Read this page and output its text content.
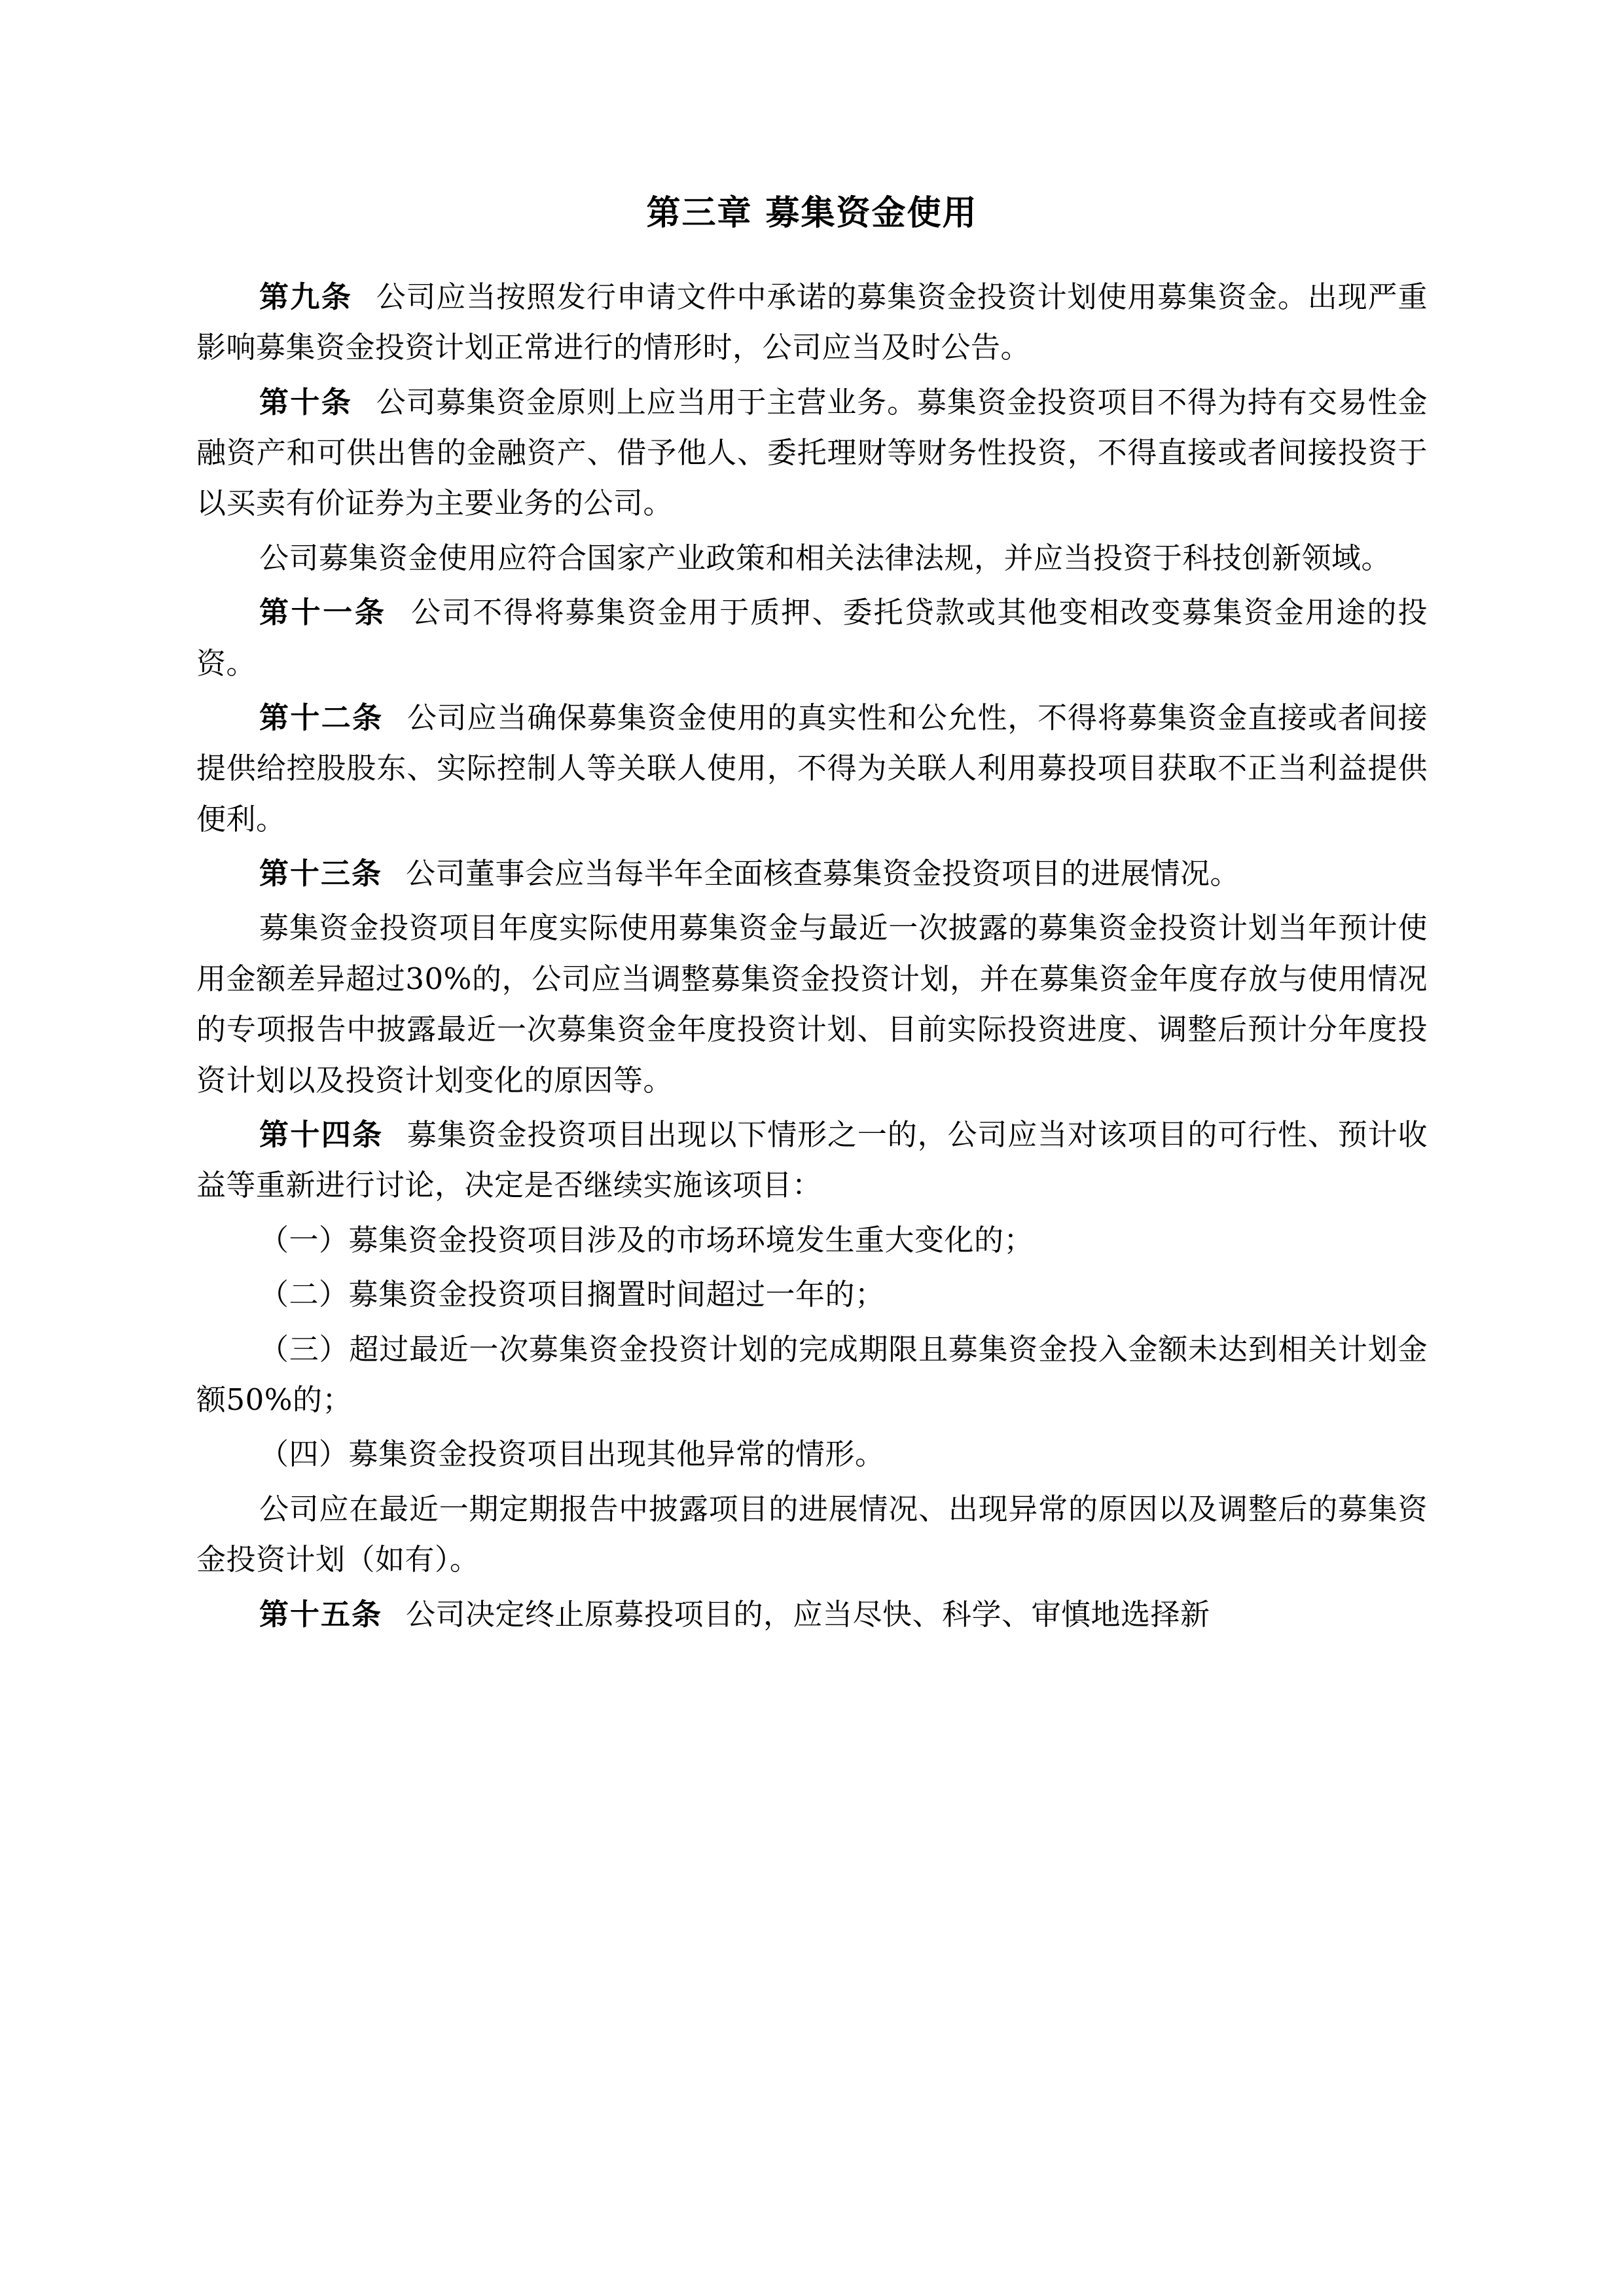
第三章 募集资金使用

第九条 公司应当按照发行申请文件中承诺的募集资金投资计划使用募集资金。出现严重影响募集资金投资计划正常进行的情形时，公司应当及时公告。

第十条 公司募集资金原则上应当用于主营业务。募集资金投资项目不得为持有交易性金融资产和可供出售的金融资产、借予他人、委托理财等财务性投资，不得直接或者间接投资于以买卖有价证券为主要业务的公司。

公司募集资金使用应符合国家产业政策和相关法律法规，并应当投资于科技创新领域。

第十一条 公司不得将募集资金用于质押、委托贷款或其他变相改变募集资金用途的投资。

第十二条 公司应当确保募集资金使用的真实性和公允性，不得将募集资金直接或者间接提供给控股股东、实际控制人等关联人使用，不得为关联人利用募投项目获取不正当利益提供便利。

第十三条 公司董事会应当每半年全面核查募集资金投资项目的进展情况。

募集资金投资项目年度实际使用募集资金与最近一次披露的募集资金投资计划当年预计使用金额差异超过30%的，公司应当调整募集资金投资计划，并在募集资金年度存放与使用情况的专项报告中披露最近一次募集资金年度投资计划、目前实际投资进度、调整后预计分年度投资计划以及投资计划变化的原因等。

第十四条 募集资金投资项目出现以下情形之一的，公司应当对该项目的可行性、预计收益等重新进行讨论，决定是否继续实施该项目：

（一）募集资金投资项目涉及的市场环境发生重大变化的；

（二）募集资金投资项目搁置时间超过一年的；

（三）超过最近一次募集资金投资计划的完成期限且募集资金投入金额未达到相关计划金额50%的；

（四）募集资金投资项目出现其他异常的情形。

公司应在最近一期定期报告中披露项目的进展情况、出现异常的原因以及调整后的募集资金投资计划（如有）。

第十五条 公司决定终止原募投项目的，应当尽快、科学、审慎地选择新
